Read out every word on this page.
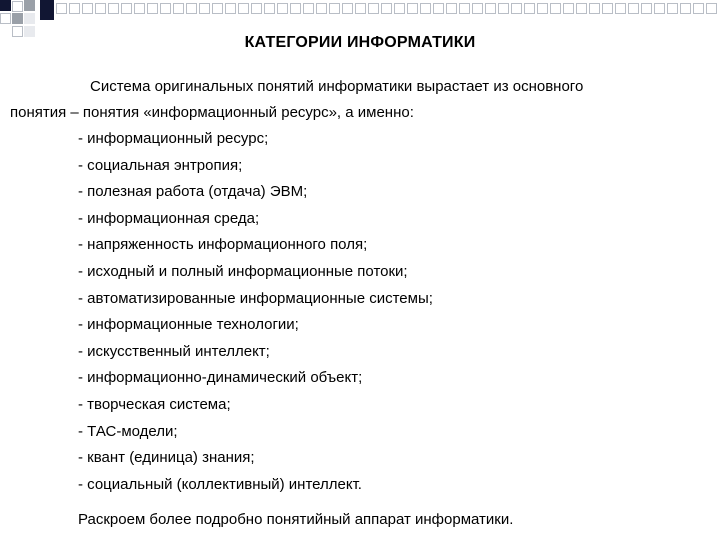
КАТЕГОРИИ ИНФОРМАТИКИ
Система оригинальных понятий информатики вырастает из основного
понятия – понятия «информационный ресурс», а именно:
- информационный ресурс;
- социальная энтропия;
- полезная работа (отдача) ЭВМ;
- информационная среда;
- напряженность информационного поля;
- исходный и полный информационные потоки;
- автоматизированные информационные системы;
- информационные технологии;
- искусственный интеллект;
- информационно-динамический объект;
- творческая система;
- ТАС-модели;
- квант (единица) знания;
- социальный (коллективный) интеллект.
Раскроем более подробно понятийный аппарат информатики.
